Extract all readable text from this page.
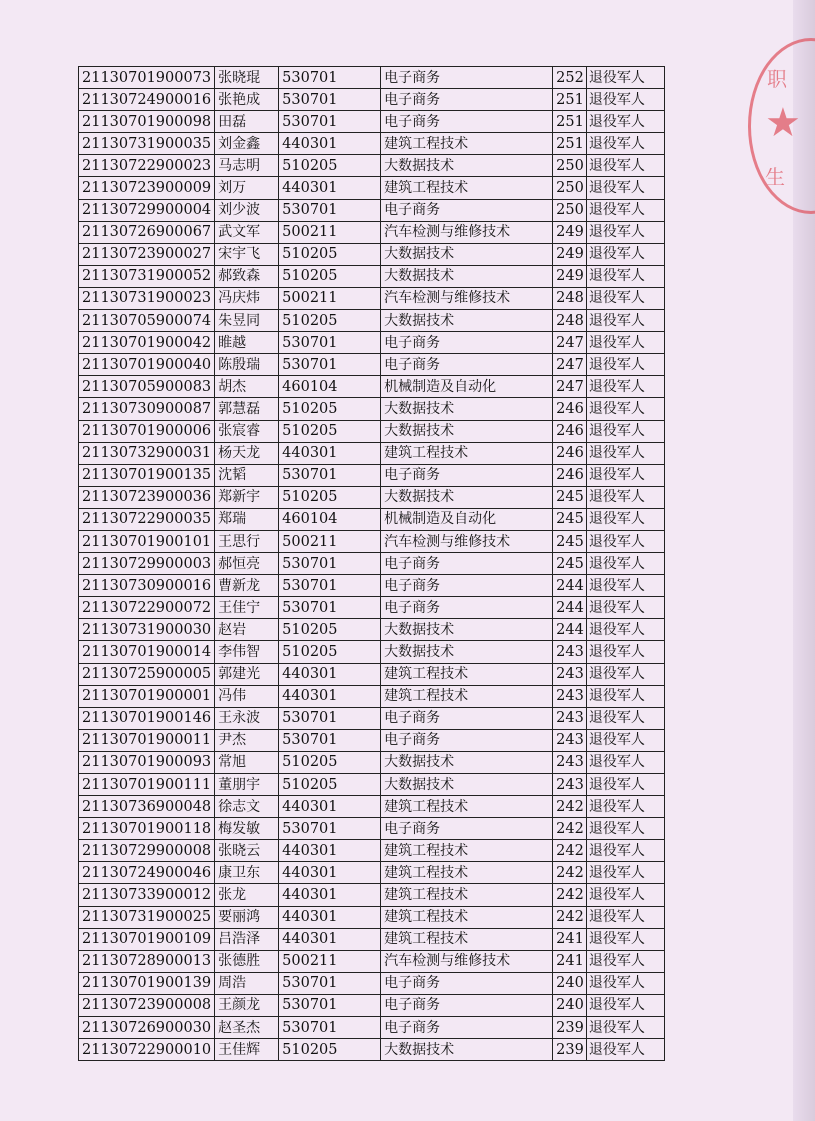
职
★
生
21130701900073	张晓琨	530701	电子商务	252	退役军人
21130724900016	张艳成	530701	电子商务	251	退役军人
21130701900098	田磊	530701	电子商务	251	退役军人
21130731900035	刘金鑫	440301	建筑工程技术	251	退役军人
21130722900023	马志明	510205	大数据技术	250	退役军人
21130723900009	刘万	440301	建筑工程技术	250	退役军人
21130729900004	刘少波	530701	电子商务	250	退役军人
21130726900067	武文军	500211	汽车检测与维修技术	249	退役军人
21130723900027	宋宇飞	510205	大数据技术	249	退役军人
21130731900052	郝致森	510205	大数据技术	249	退役军人
21130731900023	冯庆炜	500211	汽车检测与维修技术	248	退役军人
21130705900074	朱昱同	510205	大数据技术	248	退役军人
21130701900042	睢越	530701	电子商务	247	退役军人
21130701900040	陈殷瑞	530701	电子商务	247	退役军人
21130705900083	胡杰	460104	机械制造及自动化	247	退役军人
21130730900087	郭慧磊	510205	大数据技术	246	退役军人
21130701900006	张宸睿	510205	大数据技术	246	退役军人
21130732900031	杨天龙	440301	建筑工程技术	246	退役军人
21130701900135	沈韬	530701	电子商务	246	退役军人
21130723900036	郑新宇	510205	大数据技术	245	退役军人
21130722900035	郑瑞	460104	机械制造及自动化	245	退役军人
21130701900101	王思行	500211	汽车检测与维修技术	245	退役军人
21130729900003	郝恒亮	530701	电子商务	245	退役军人
21130730900016	曹新龙	530701	电子商务	244	退役军人
21130722900072	王佳宁	530701	电子商务	244	退役军人
21130731900030	赵岩	510205	大数据技术	244	退役军人
21130701900014	李伟智	510205	大数据技术	243	退役军人
21130725900005	郭建光	440301	建筑工程技术	243	退役军人
21130701900001	冯伟	440301	建筑工程技术	243	退役军人
21130701900146	王永波	530701	电子商务	243	退役军人
21130701900011	尹杰	530701	电子商务	243	退役军人
21130701900093	常旭	510205	大数据技术	243	退役军人
21130701900111	董朋宇	510205	大数据技术	243	退役军人
21130736900048	徐志文	440301	建筑工程技术	242	退役军人
21130701900118	梅发敏	530701	电子商务	242	退役军人
21130729900008	张晓云	440301	建筑工程技术	242	退役军人
21130724900046	康卫东	440301	建筑工程技术	242	退役军人
21130733900012	张龙	440301	建筑工程技术	242	退役军人
21130731900025	要丽鸿	440301	建筑工程技术	242	退役军人
21130701900109	吕浩泽	440301	建筑工程技术	241	退役军人
21130728900013	张德胜	500211	汽车检测与维修技术	241	退役军人
21130701900139	周浩	530701	电子商务	240	退役军人
21130723900008	王颜龙	530701	电子商务	240	退役军人
21130726900030	赵圣杰	530701	电子商务	239	退役军人
21130722900010	王佳辉	510205	大数据技术	239	退役军人
